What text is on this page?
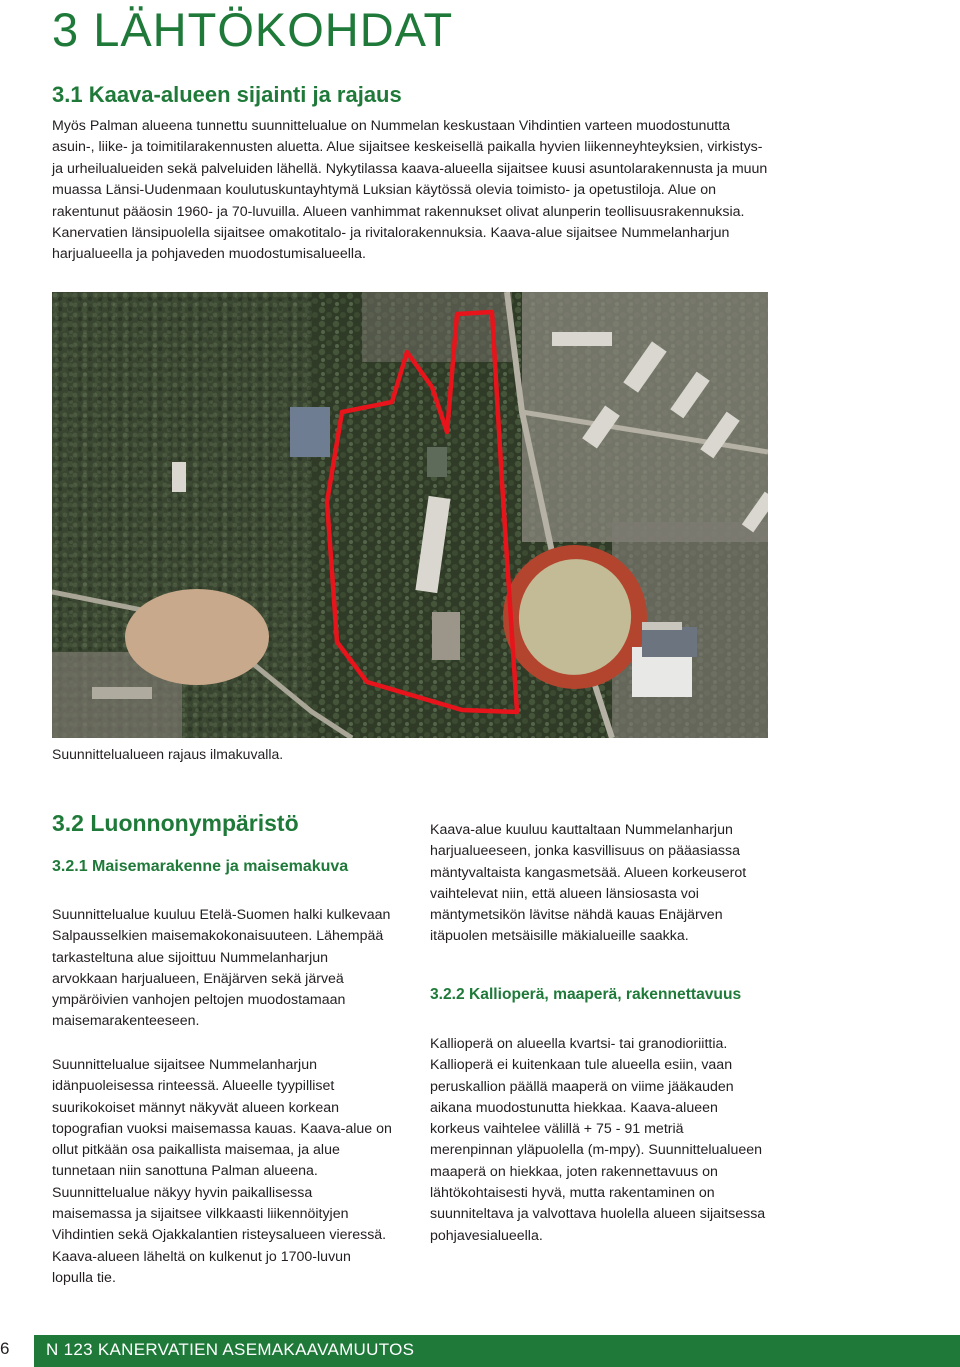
3 LÄHTÖKOHDAT
3.1 Kaava-alueen sijainti ja rajaus

Myös Palman alueena tunnettu suunnittelualue on Nummelan keskustaan Vihdintien varteen muodostunutta asuin-, liike- ja toimitilarakennusten aluetta. Alue sijaitsee keskeisellä paikalla hyvien liikenneyhteyksien, virkistys- ja urheilualueiden sekä palveluiden lähellä. Nykytilassa kaava-alueella sijaitsee kuusi asuntolarakennusta ja muun muassa Länsi-Uudenmaan koulutuskuntayhtymä Luksian käytössä olevia toimisto- ja opetustiloja. Alue on rakentunut pääosin 1960- ja 70-luvuilla. Alueen vanhimmat rakennukset olivat alunperin teollisuusrakennuksia. Kanervatien länsipuolella sijaitsee omakotitalo- ja rivitalorakennuksia. Kaava-alue sijaitsee Nummelanharjun harjualueella ja pohjaveden muodostumisalueella.

Suunnittelualueen rajaus ilmakuvalla.

3.2 Luonnonympäristö
3.2.1 Maisemarakenne ja maisemakuva

Suunnittelualue kuuluu Etelä-Suomen halki kulkevaan Salpausselkien maisemakokonaisuuteen. Lähempää tarkasteltuna alue sijoittuu Nummelanharjun arvokkaan harjualueen, Enäjärven sekä järveä ympäröivien vanhojen peltojen muodostamaan maisemarakenteeseen.

Suunnittelualue sijaitsee Nummelanharjun idänpuoleisessa rinteessä. Alueelle tyypilliset suurikokoiset männyt näkyvät alueen korkean topografian vuoksi maisemassa kauas. Kaava-alue on ollut pitkään osa paikallista maisemaa, ja alue tunnetaan niin sanottuna Palman alueena. Suunnittelualue näkyy hyvin paikallisessa maisemassa ja sijaitsee vilkkaasti liikennöityjen Vihdintien sekä Ojakkalantien risteysalueen vieressä. Kaava-alueen läheltä on kulkenut jo 1700-luvun lopulla tie.

Kaava-alue kuuluu kauttaltaan Nummelanharjun harjualueeseen, jonka kasvillisuus on pääasiassa mäntyvaltaista kangasmetsää. Alueen korkeuserot vaihtelevat niin, että alueen länsiosasta voi mäntymetsikön lävitse nähdä kauas Enäjärven itäpuolen metsäisille mäkialueille saakka.

3.2.2 Kallioperä, maaperä, rakennettavuus

Kallioperä on alueella kvartsi- tai granodioriittia. Kallioperä ei kuitenkaan tule alueella esiin, vaan peruskallion päällä maaperä on viime jääkauden aikana muodostunutta hiekkaa. Kaava-alueen korkeus vaihtelee välillä + 75 - 91 metriä merenpinnan yläpuolella (m-mpy). Suunnittelualueen maaperä on hiekkaa, joten rakennettavuus on lähtökohtaisesti hyvä, mutta rakentaminen on suunniteltava ja valvottava huolella alueen sijaitsessa pohjavesialueella.

6 N 123 KANERVATIEN ASEMAKAAVAMUUTOS
